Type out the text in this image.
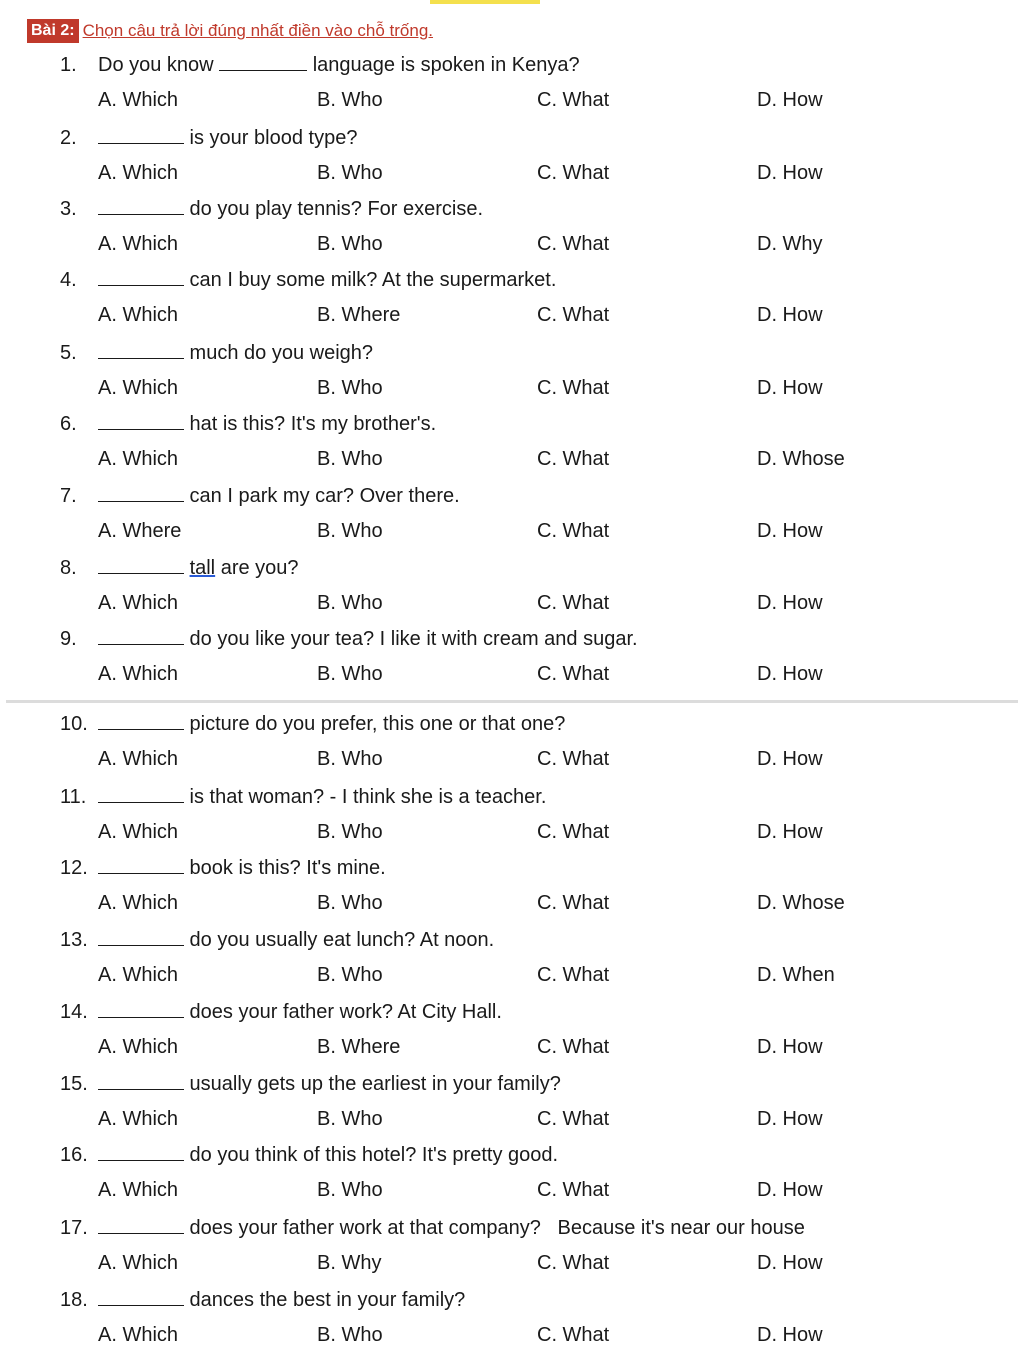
Bài 2: Chọn câu trả lời đúng nhất điền vào chỗ trống.
1. Do you know	language is spoken in Kenya?
A. Which	B. Who	C. What	D. How
2.	is your blood type?
A. Which	B. Who	C. What	D. How
3.	do you play tennis? For exercise.
A. Which	B. Who	C. What	D. Why
4.	can I buy some milk? At the supermarket.
A. Which	B. Where	C. What	D. How
5.	much do you weigh?
A. Which	B. Who	C. What	D. How
6.	hat is this? It's my brother's.
A. Which	B. Who	C. What	D. Whose
7.	can I park my car? Over there.
A. Where	B. Who	C. What	D. How
8.	tall are you?
A. Which	B. Who	C. What	D. How
9.	do you like your tea? I like it with cream and sugar.
A. Which	B. Who	C. What	D. How
10.	picture do you prefer, this one or that one?
A. Which	B. Who	C. What	D. How
11.	is that woman? - I think she is a teacher.
A. Which	B. Who	C. What	D. How
12.	book is this? It's mine.
A. Which	B. Who	C. What	D. Whose
13.	do you usually eat lunch? At noon.
A. Which	B. Who	C. What	D. When
14.	does your father work? At City Hall.
A. Which	B. Where	C. What	D. How
15.	usually gets up the earliest in your family?
A. Which	B. Who	C. What	D. How
16.	do you think of this hotel? It's pretty good.
A. Which	B. Who	C. What	D. How
17.	does your father work at that company?   Because it's near our house
A. Which	B. Why	C. What	D. How
18.	dances the best in your family?
A. Which	B. Who	C. What	D. How
